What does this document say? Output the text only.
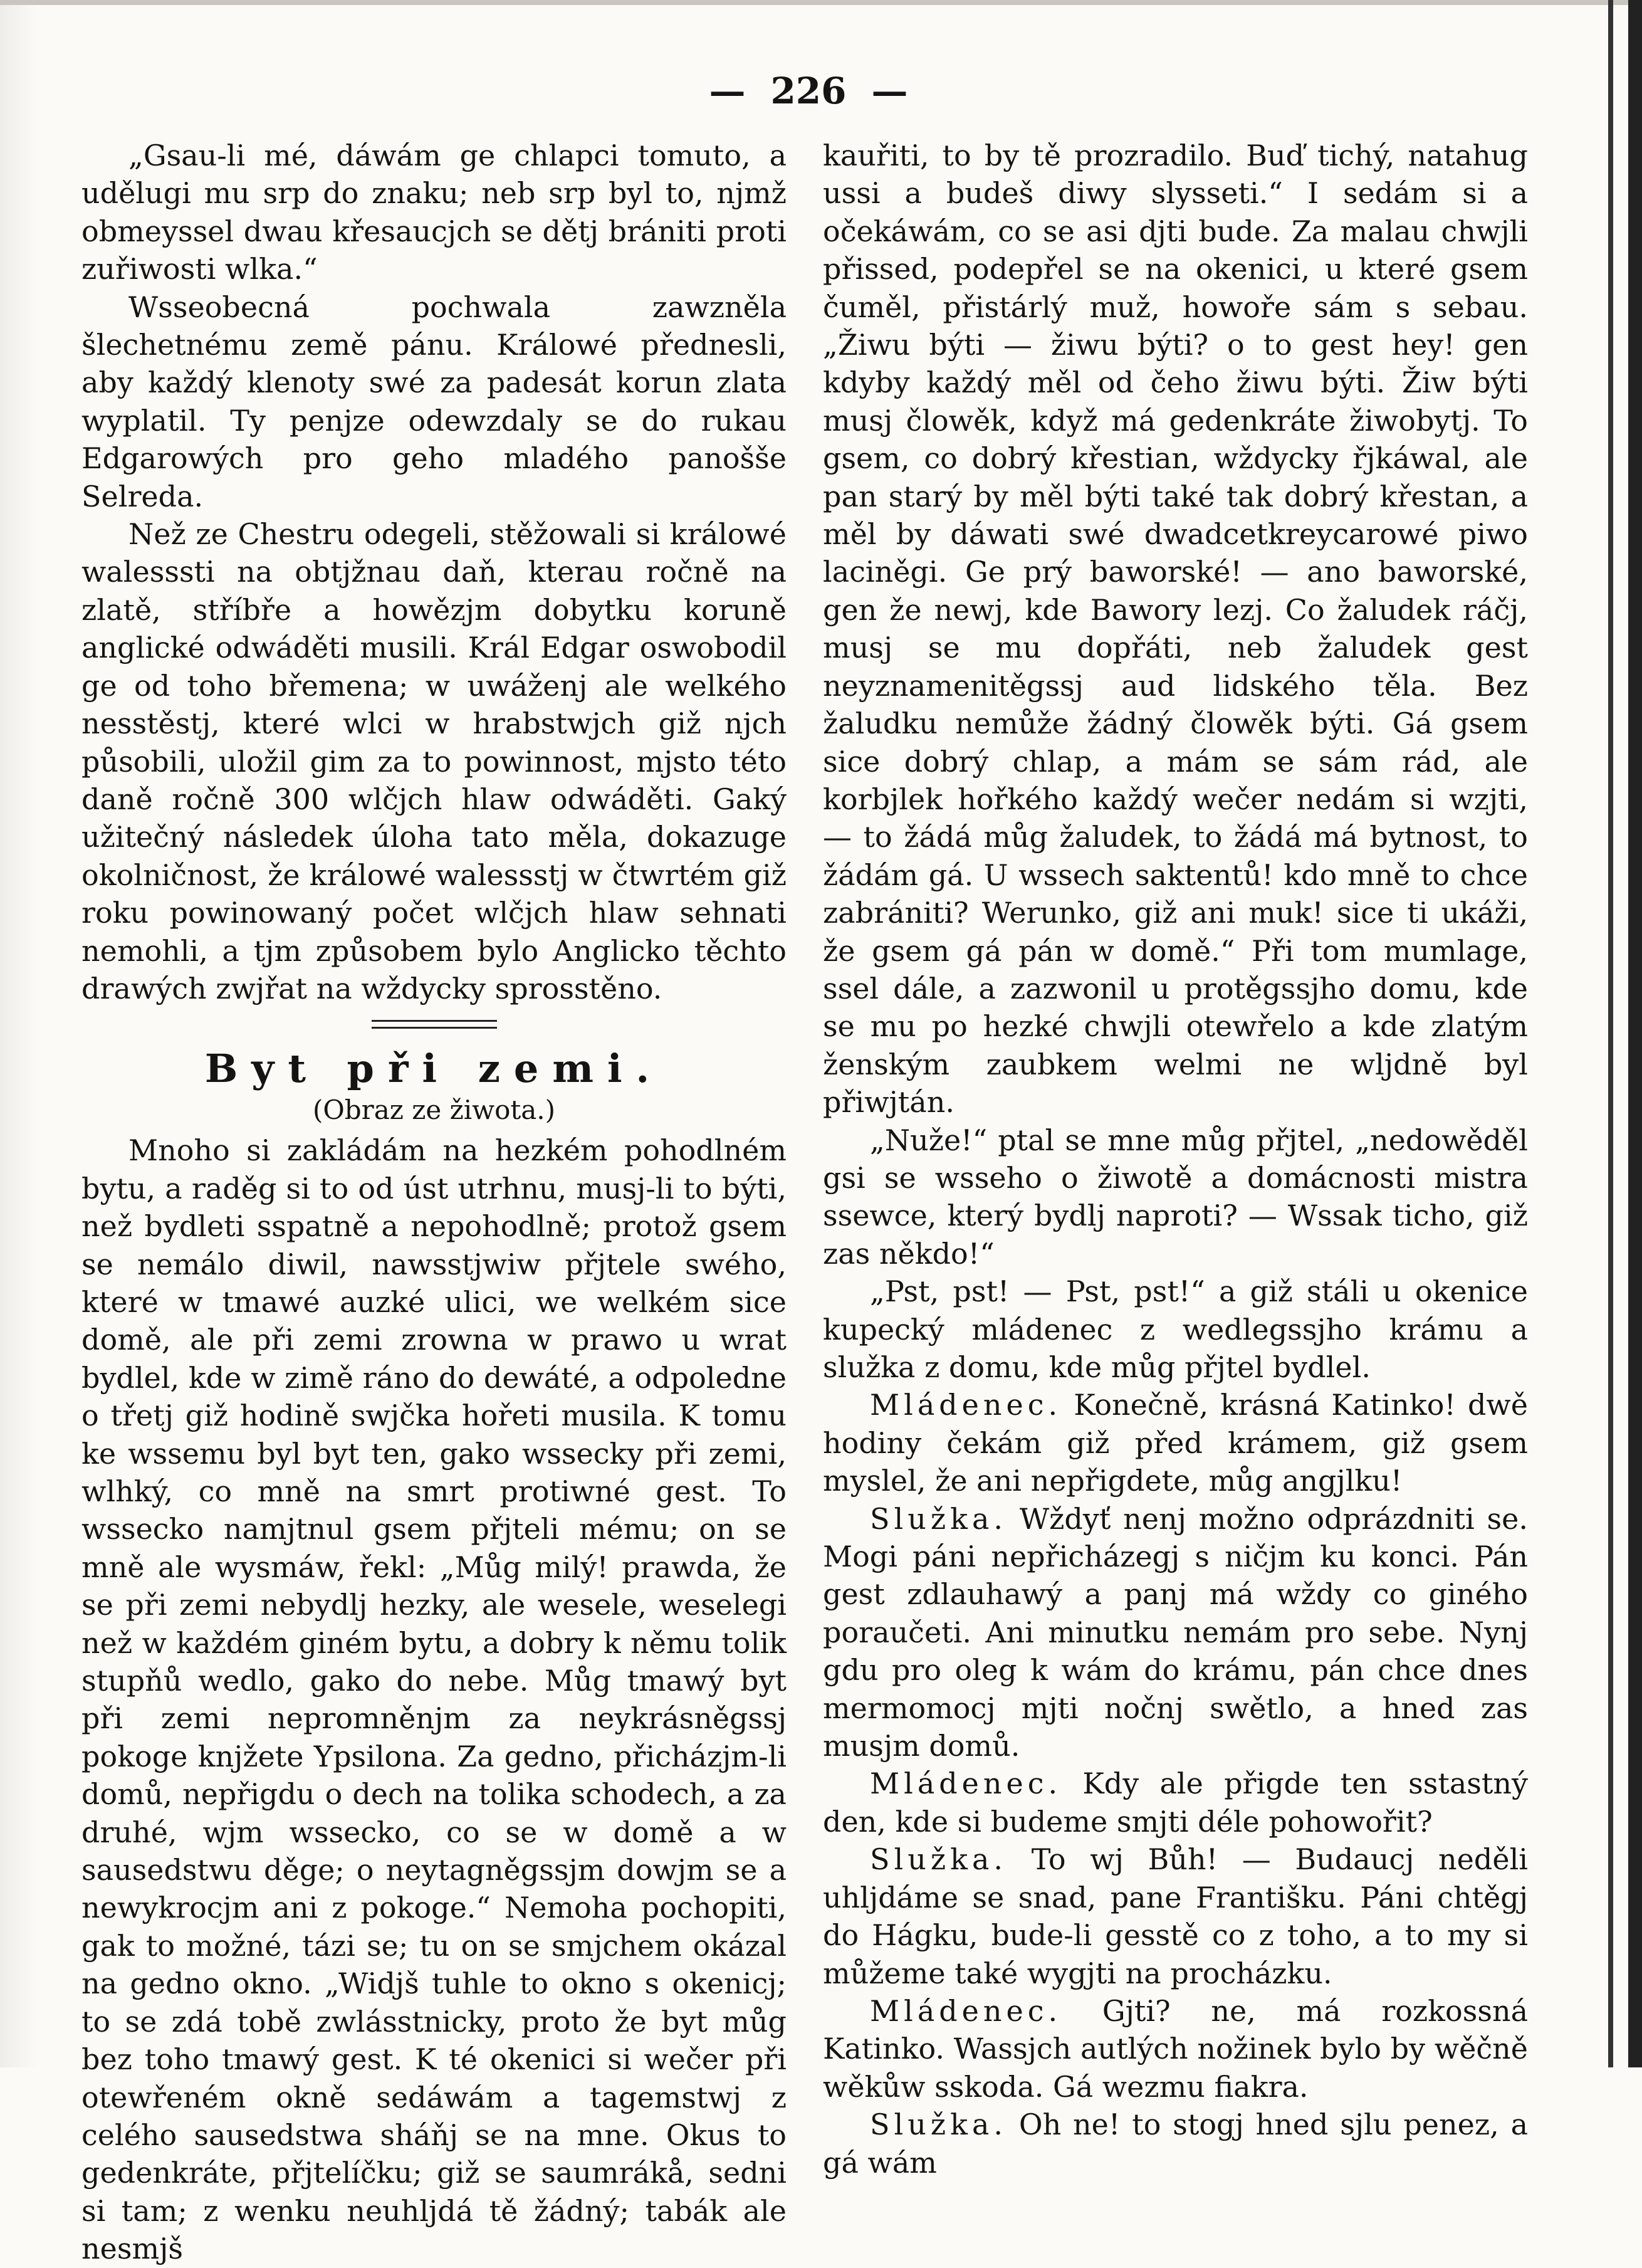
— 226 —

„Gsau-li mé, dáwám ge chlapci tomuto, a udělugi mu srp do znaku; neb srp byl to, njmž obmeyssel dwau křesaucjch se dětj brániti proti zuřiwosti wlka.“

Wssеobecná pochwala zawzněla šlechetnému země pánu. Králowé přednesli, aby každý klenoty swé za padesát korun zlata wyplatil. Ty penjze odewzdaly se do rukau Edgarowých pro geho mladého panošše Selreda.

Než ze Chestru odegeli, stěžowali si králowé walesssti na obtjžnau daň, kterau ročně na zlatě, stříbře a howězjm dobytku koruně anglické odwáděti musili. Král Edgar oswobodil ge od toho břemena; w uwáženj ale welkého nesstěstj, které wlci w hrabstwjch giž njch působili, uložil gim za to powinnost, mjsto této daně ročně 300 wlčjch hlaw odwáděti. Gaký užitečný následek úloha tato měla, dokazuge okolničnost, že králowé walessstj w čtwrtém giž roku powinowaný počet wlčjch hlaw sehnati nemohli, a tjm způsobem bylo Anglicko těchto drawých zwjřat na wždycky sprosstěno.

Byt při zemi.
(Obraz ze žiwota.)

Mnoho si zakládám na hezkém pohodlném bytu, a raděg si to od úst utrhnu, musj-li to býti, než bydleti sspatně a nepohodlně; protož gsem se nemálo diwil, nawsstjwiw přjtele swého, které w tmawé auzké ulici, we welkém sice domě, ale při zemi zrowna w prawo u wrat bydlel, kde w zimě ráno do dewáté, a odpoledne o třetj giž hodině swjčka hořeti musila. K tomu ke wssemu byl byt ten, gako wssecky při zemi, wlhký, co mně na smrt protiwné gest. To wssecko namjtnul gsem přjteli mému; on se mně ale wysmáw, řekl: „Můg milý! prawda, že se při zemi nebydlj hezky, ale wesele, weselegi než w každém giném bytu, a dobry k němu tolik stupňů wedlo, gako do nebe. Můg tmawý byt při zemi nepromněnjm za neykrásněgssj pokoge knjžete Ypsilona. Za gedno, přicházjm-li domů, nepřigdu o dech na tolika schodech, a za druhé, wjm wssecko, co se w domě a w sausedstwu děge; o neytagněgssjm dowjm se a newykrocjm ani z pokoge.“ Nemoha pochopiti, gak to možné, tázi se; tu on se smjchem okázal na gedno okno. „Widjš tuhle to okno s okenicj; to se zdá tobě zwlásstnicky, proto že byt můg bez toho tmawý gest. K té okenici si wečer při otewřeném okně sedáwám a tagemstwj z celého sausedstwa sháňj se na mne. Okus to gedenkráte, přjtelíčku; giž se saumrákå, sedni si tam; z wenku neuhljdá tě žádný; tabák ale nesmjš

kauřiti, to by tě prozradilo. Buď tichý, natahug ussi a budeš diwy slysseti.“ I sedám si a očekáwám, co se asi djti bude. Za malau chwjli přissed, podepřel se na okenici, u které gsem čuměl, přistárlý muž, howoře sám s sebau. „Žiwu býti — žiwu býti? o to gest hey! gen kdyby každý měl od čeho žiwu býti. Žiw býti musj člowěk, když má gedenkráte žiwobytj. To gsem, co dobrý křestian, wždycky řjkáwal, ale pan starý by měl býti také tak dobrý křestan, a měl by dáwati swé dwadcetkreycarowé piwo laciněgi. Ge prý baworské! — ano baworské, gen že newj, kde Bawory lezj. Co žaludek ráčj, musj se mu dopřáti, neb žaludek gest neyznamenitěgssj aud lidského těla. Bez žaludku nemůže žádný člowěk býti. Gá gsem sice dobrý chlap, a mám se sám rád, ale korbjlek hořkého každý wečer nedám si wzjti, — to žádá můg žaludek, to žádá má bytnost, to žádám gá. U wssech saktentů! kdo mně to chce zabrániti? Werunko, giž ani muk! sice ti ukáži, že gsem gá pán w domě.“ Při tom mumlage, ssel dále, a zazwonil u protěgssjho domu, kde se mu po hezké chwjli otewřelo a kde zlatým ženským zaubkem welmi ne wljdně byl přiwjtán.

„Nuže!“ ptal se mne můg přjtel, „nedowěděl gsi se wsseho o žiwotě a domácnosti mistra ssewce, který bydlj naproti? — Wssak ticho, giž zas někdo!“

„Pst, pst! — Pst, pst!“ a giž stáli u okenice kupecký mládenec z wedlegssjho krámu a služka z domu, kde můg přjtel bydlel.

Mládenec. Konečně, krásná Katinko! dwě hodiny čekám giž před krámem, giž gsem myslel, že ani nepřigdete, můg angjlku!

Služka. Wždyť nenj možno odprázdniti se. Mogi páni nepřicházegj s ničjm ku konci. Pán gest zdlauhawý a panj má wždy co giného poraučeti. Ani minutku nemám pro sebe. Nynj gdu pro oleg k wám do krámu, pán chce dnes mermomocj mjti nočnj swětlo, a hned zas musjm domů.

Mládenec. Kdy ale přigde ten sstastný den, kde si budeme smjti déle pohowořit?

Služka. To wj Bůh! — Budaucj neděli uhljdáme se snad, pane Františku. Páni chtěgj do Hágku, bude-li gesstě co z toho, a to my si můžeme také wygjti na procházku.

Mládenec. Gjti? ne, má rozkossná Katinko. Wassjch autlých nožinek bylo by wěčně wěkůw sskoda. Gá wezmu fiakra.

Služka. Oh ne! to stogj hned sjlu penez, a gá wám
